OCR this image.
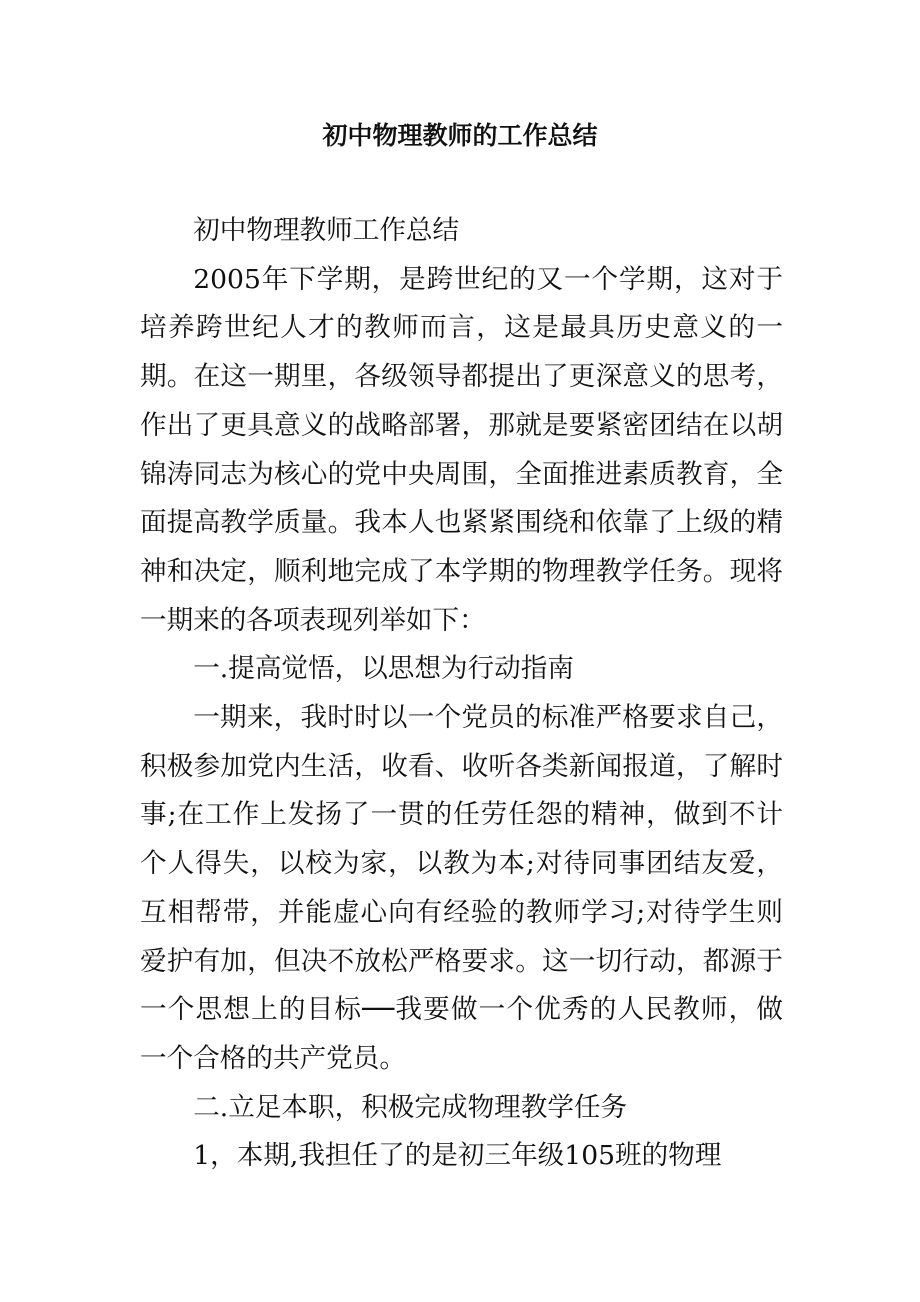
初中物理教师的工作总结

初中物理教师工作总结

2005年下学期，是跨世纪的又一个学期，这对于培养跨世纪人才的教师而言，这是最具历史意义的一期。在这一期里，各级领导都提出了更深意义的思考，作出了更具意义的战略部署，那就是要紧密团结在以胡锦涛同志为核心的党中央周围，全面推进素质教育，全面提高教学质量。我本人也紧紧围绕和依靠了上级的精神和决定，顺利地完成了本学期的物理教学任务。现将一期来的各项表现列举如下：

一.提高觉悟，以思想为行动指南

一期来，我时时以一个党员的标准严格要求自己，积极参加党内生活，收看、收听各类新闻报道，了解时事;在工作上发扬了一贯的任劳任怨的精神，做到不计个人得失，以校为家，以教为本;对待同事团结友爱，互相帮带，并能虚心向有经验的教师学习;对待学生则爱护有加，但决不放松严格要求。这一切行动，都源于一个思想上的目标──我要做一个优秀的人民教师，做一个合格的共产党员。

二.立足本职，积极完成物理教学任务

1，本期,我担任了的是初三年级105班的物理
